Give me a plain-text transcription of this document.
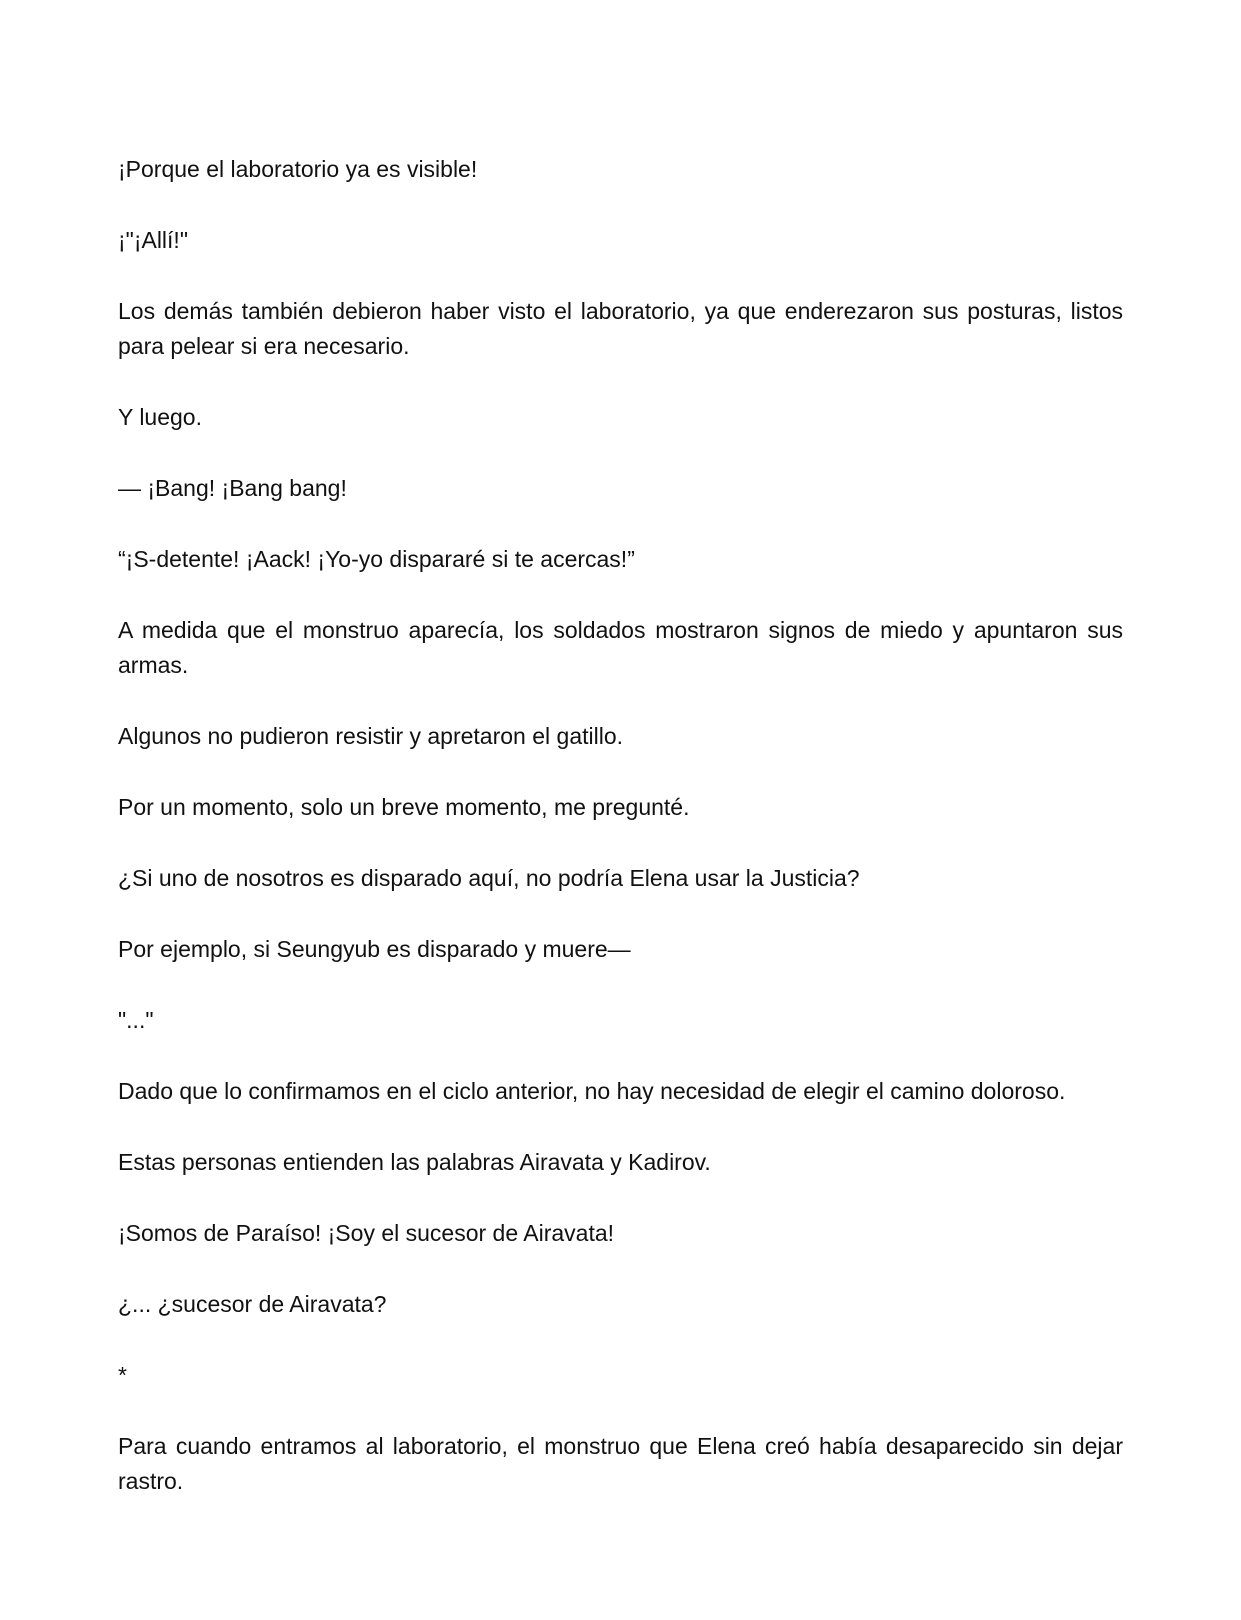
¡Porque el laboratorio ya es visible!

¡"¡Allí!"

Los demás también debieron haber visto el laboratorio, ya que enderezaron sus posturas, listos para pelear si era necesario.

Y luego.

— ¡Bang! ¡Bang bang!

“¡S-detente! ¡Aack! ¡Yo-yo dispararé si te acercas!”

A medida que el monstruo aparecía, los soldados mostraron signos de miedo y apuntaron sus armas.

Algunos no pudieron resistir y apretaron el gatillo.

Por un momento, solo un breve momento, me pregunté.

¿Si uno de nosotros es disparado aquí, no podría Elena usar la Justicia?

Por ejemplo, si Seungyub es disparado y muere—

"..."

Dado que lo confirmamos en el ciclo anterior, no hay necesidad de elegir el camino doloroso.

Estas personas entienden las palabras Airavata y Kadirov.

¡Somos de Paraíso! ¡Soy el sucesor de Airavata!

¿... ¿sucesor de Airavata?

*

Para cuando entramos al laboratorio, el monstruo que Elena creó había desaparecido sin dejar rastro.
